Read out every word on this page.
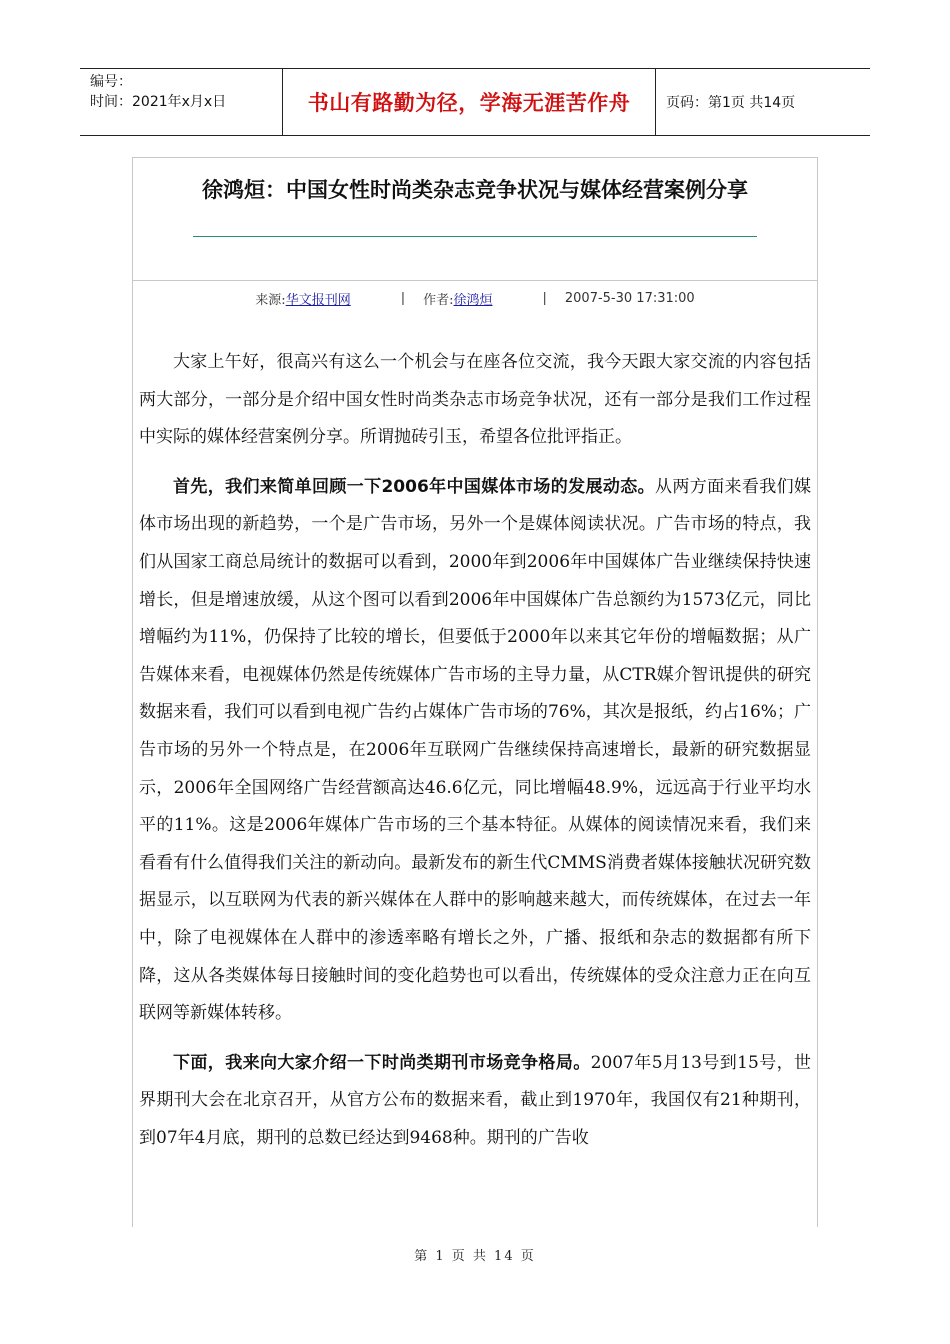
编号：
时间：2021年x月x日	书山有路勤为径，学海无涯苦作舟	页码：第1页 共14页
徐鸿烜：中国女性时尚类杂志竞争状况与媒体经营案例分享
来源: 华文报刊网	| 作者: 徐鸿烜	| 2007-5-30 17:31:00

大家上午好，很高兴有这么一个机会与在座各位交流，我今天跟大家交流的内容包括两大部分，一部分是介绍中国女性时尚类杂志市场竞争状况，还有一部分是我们工作过程中实际的媒体经营案例分享。所谓抛砖引玉，希望各位批评指正。

首先，我们来简单回顾一下2006年中国媒体市场的发展动态。从两方面来看我们媒体市场出现的新趋势，一个是广告市场，另外一个是媒体阅读状况。广告市场的特点，我们从国家工商总局统计的数据可以看到，2000年到2006年中国媒体广告业继续保持快速增长，但是增速放缓，从这个图可以看到2006年中国媒体广告总额约为1573亿元，同比增幅约为11%，仍保持了比较的增长，但要低于2000年以来其它年份的增幅数据；从广告媒体来看，电视媒体仍然是传统媒体广告市场的主导力量，从CTR媒介智讯提供的研究数据来看，我们可以看到电视广告约占媒体广告市场的76%，其次是报纸，约占16%；广告市场的另外一个特点是，在2006年互联网广告继续保持高速增长，最新的研究数据显示，2006年全国网络广告经营额高达46.6亿元，同比增幅48.9%，远远高于行业平均水平的11%。这是2006年媒体广告市场的三个基本特征。从媒体的阅读情况来看，我们来看看有什么值得我们关注的新动向。最新发布的新生代CMMS消费者媒体接触状况研究数据显示，以互联网为代表的新兴媒体在人群中的影响越来越大，而传统媒体，在过去一年中，除了电视媒体在人群中的渗透率略有增长之外，广播、报纸和杂志的数据都有所下降，这从各类媒体每日接触时间的变化趋势也可以看出，传统媒体的受众注意力正在向互联网等新媒体转移。

下面，我来向大家介绍一下时尚类期刊市场竞争格局。2007年5月13号到15号，世界期刊大会在北京召开，从官方公布的数据来看，截止到1970年，我国仅有21种期刊，到07年4月底，期刊的总数已经达到9468种。期刊的广告收

第 1 页 共 14 页
